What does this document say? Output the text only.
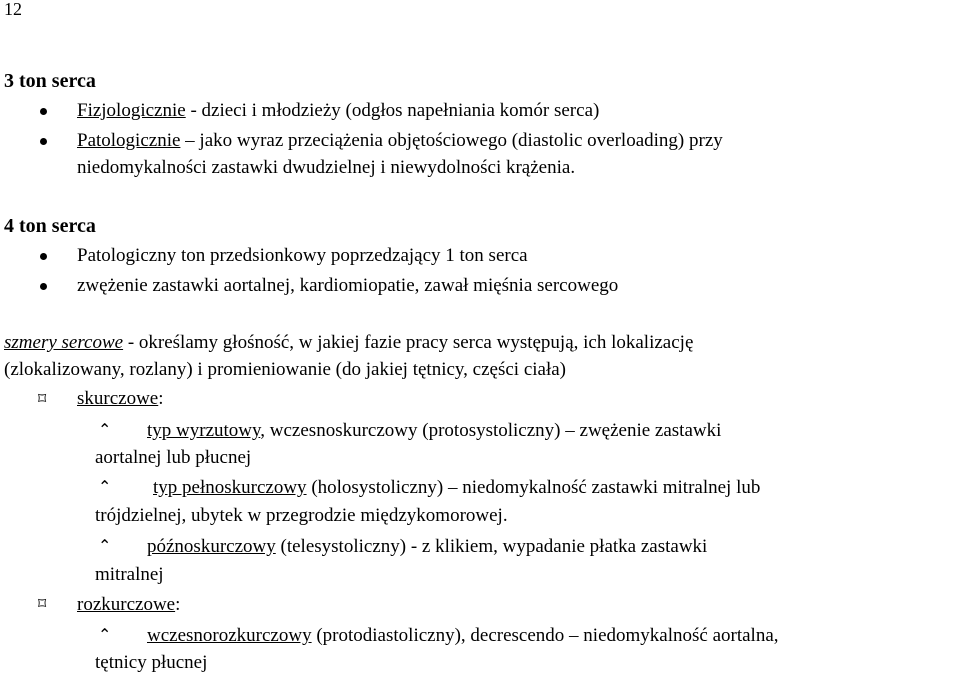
12
3 ton serca
Fizjologicznie - dzieci i młodzieży (odgłos napełniania komór serca)
Patologicznie – jako wyraz przeciążenia objętościowego (diastolic overloading) przy
niedomykalności zastawki dwudzielnej i niewydolności krążenia.
4 ton serca
Patologiczny ton przedsionkowy poprzedzający 1 ton serca
zwężenie zastawki aortalnej, kardiomiopatie, zawał mięśnia sercowego
szmery sercowe - określamy głośność, w jakiej fazie pracy serca występują, ich lokalizację
(zlokalizowany, rozlany) i promieniowanie (do jakiej tętnicy, części ciała)
⌑ skurczowe:
⌃ typ wyrzutowy, wczesnoskurczowy (protosystoliczny) – zwężenie zastawki
aortalnej lub płucnej
⌃ typ pełnoskurczowy (holosystoliczny) – niedomykalność zastawki mitralnej lub
trójdzielnej, ubytek w przegrodzie międzykomorowej.
⌃ późnoskurczowy (telesystoliczny) - z klikiem, wypadanie płatka zastawki
mitralnej
⌑ rozkurczowe:
⌃ wczesnorozkurczowy (protodiastoliczny), decrescendo – niedomykalność aortalna,
tętnicy płucnej
